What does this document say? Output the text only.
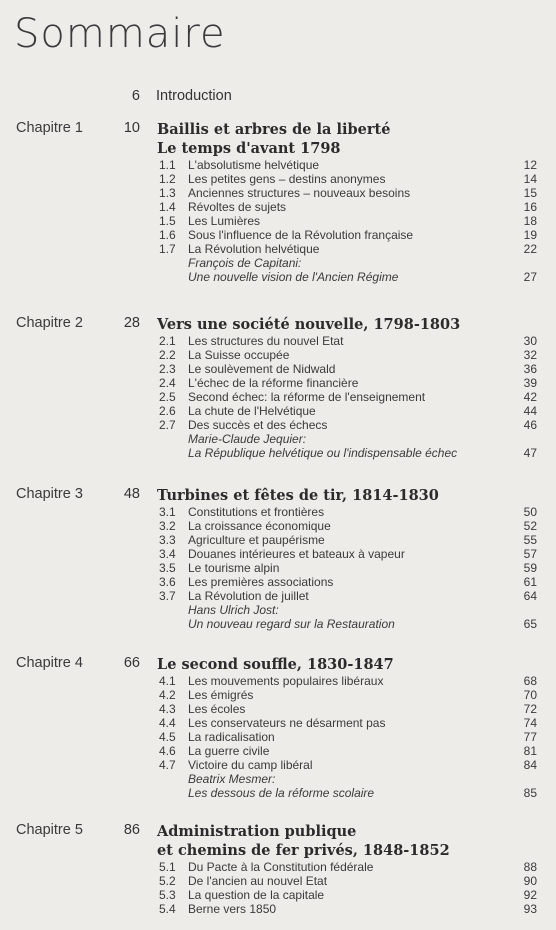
Sommaire
6 Introduction
Chapitre 1	10 Baillis et arbres de la liberté
Le temps d'avant 1798
1.1 L'absolutisme helvétique	12
1.2 Les petites gens – destins anonymes	14
1.3 Anciennes structures – nouveaux besoins	15
1.4 Révoltes de sujets	16
1.5 Les Lumières	18
1.6 Sous l'influence de la Révolution française	19
1.7 La Révolution helvétique	22
François de Capitani:
Une nouvelle vision de l'Ancien Régime	27
Chapitre 2	28 Vers une société nouvelle, 1798-1803
2.1 Les structures du nouvel Etat	30
2.2 La Suisse occupée	32
2.3 Le soulèvement de Nidwald	36
2.4 L'échec de la réforme financière	39
2.5 Second échec: la réforme de l'enseignement	42
2.6 La chute de l'Helvétique	44
2.7 Des succès et des échecs	46
Marie-Claude Jequier:
La République helvétique ou l'indispensable échec	47
Chapitre 3	48 Turbines et fêtes de tir, 1814-1830
3.1 Constitutions et frontières	50
3.2 La croissance économique	52
3.3 Agriculture et paupérisme	55
3.4 Douanes intérieures et bateaux à vapeur	57
3.5 Le tourisme alpin	59
3.6 Les premières associations	61
3.7 La Révolution de juillet	64
Hans Ulrich Jost:
Un nouveau regard sur la Restauration	65
Chapitre 4	66 Le second souffle, 1830-1847
4.1 Les mouvements populaires libéraux	68
4.2 Les émigrés	70
4.3 Les écoles	72
4.4 Les conservateurs ne désarment pas	74
4.5 La radicalisation	77
4.6 La guerre civile	81
4.7 Victoire du camp libéral	84
Beatrix Mesmer:
Les dessous de la réforme scolaire	85
Chapitre 5	86 Administration publique
et chemins de fer privés, 1848-1852
5.1 Du Pacte à la Constitution fédérale	88
5.2 De l'ancien au nouvel Etat	90
5.3 La question de la capitale	92
5.4 Berne vers 1850	93
